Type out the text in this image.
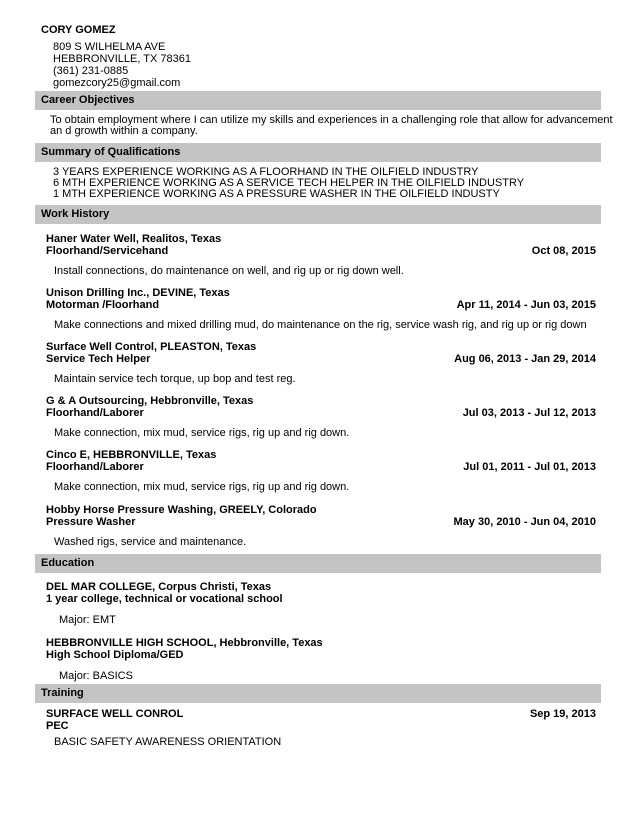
CORY GOMEZ
809 S WILHELMA AVE
HEBBRONVILLE, TX 78361
(361) 231-0885
gomezcory25@gmail.com
Career Objectives
To obtain employment where I can utilize my skills and experiences in a challenging role that allow for advancement
an d growth within a company.
Summary of Qualifications
3 YEARS EXPERIENCE WORKING AS A FLOORHAND IN THE OILFIELD INDUSTRY
6 MTH EXPERIENCE WORKING AS A SERVICE TECH HELPER IN THE OILFIELD INDUSTRY
1 MTH EXPERIENCE WORKING AS A PRESSURE WASHER IN THE OILFIELD INDUSTY
Work History
Haner Water Well, Realitos, Texas
Floorhand/Servicehand	Oct 08, 2015
Install connections, do maintenance on well, and rig up or rig down well.
Unison Drilling Inc., DEVINE, Texas
Motorman /Floorhand	Apr 11, 2014 - Jun 03, 2015
Make connections and mixed drilling mud, do maintenance on the rig, service wash rig, and rig up or rig down
Surface Well Control, PLEASTON, Texas
Service Tech Helper	Aug 06, 2013 - Jan 29, 2014
Maintain service tech torque, up bop and test reg.
G & A Outsourcing, Hebbronville, Texas
Floorhand/Laborer	Jul 03, 2013 - Jul 12, 2013
Make connection, mix mud, service rigs, rig up and rig down.
Cinco E, HEBBRONVILLE, Texas
Floorhand/Laborer	Jul 01, 2011 - Jul 01, 2013
Make connection, mix mud, service rigs, rig up and rig down.
Hobby Horse Pressure Washing, GREELY, Colorado
Pressure Washer	May 30, 2010 - Jun 04, 2010
Washed rigs, service and maintenance.
Education
DEL MAR COLLEGE, Corpus Christi, Texas
1 year college, technical or vocational school
Major: EMT
HEBBRONVILLE HIGH SCHOOL, Hebbronville, Texas
High School Diploma/GED
Major: BASICS
Training
SURFACE WELL CONROL	Sep 19, 2013
PEC
BASIC SAFETY AWARENESS ORIENTATION
